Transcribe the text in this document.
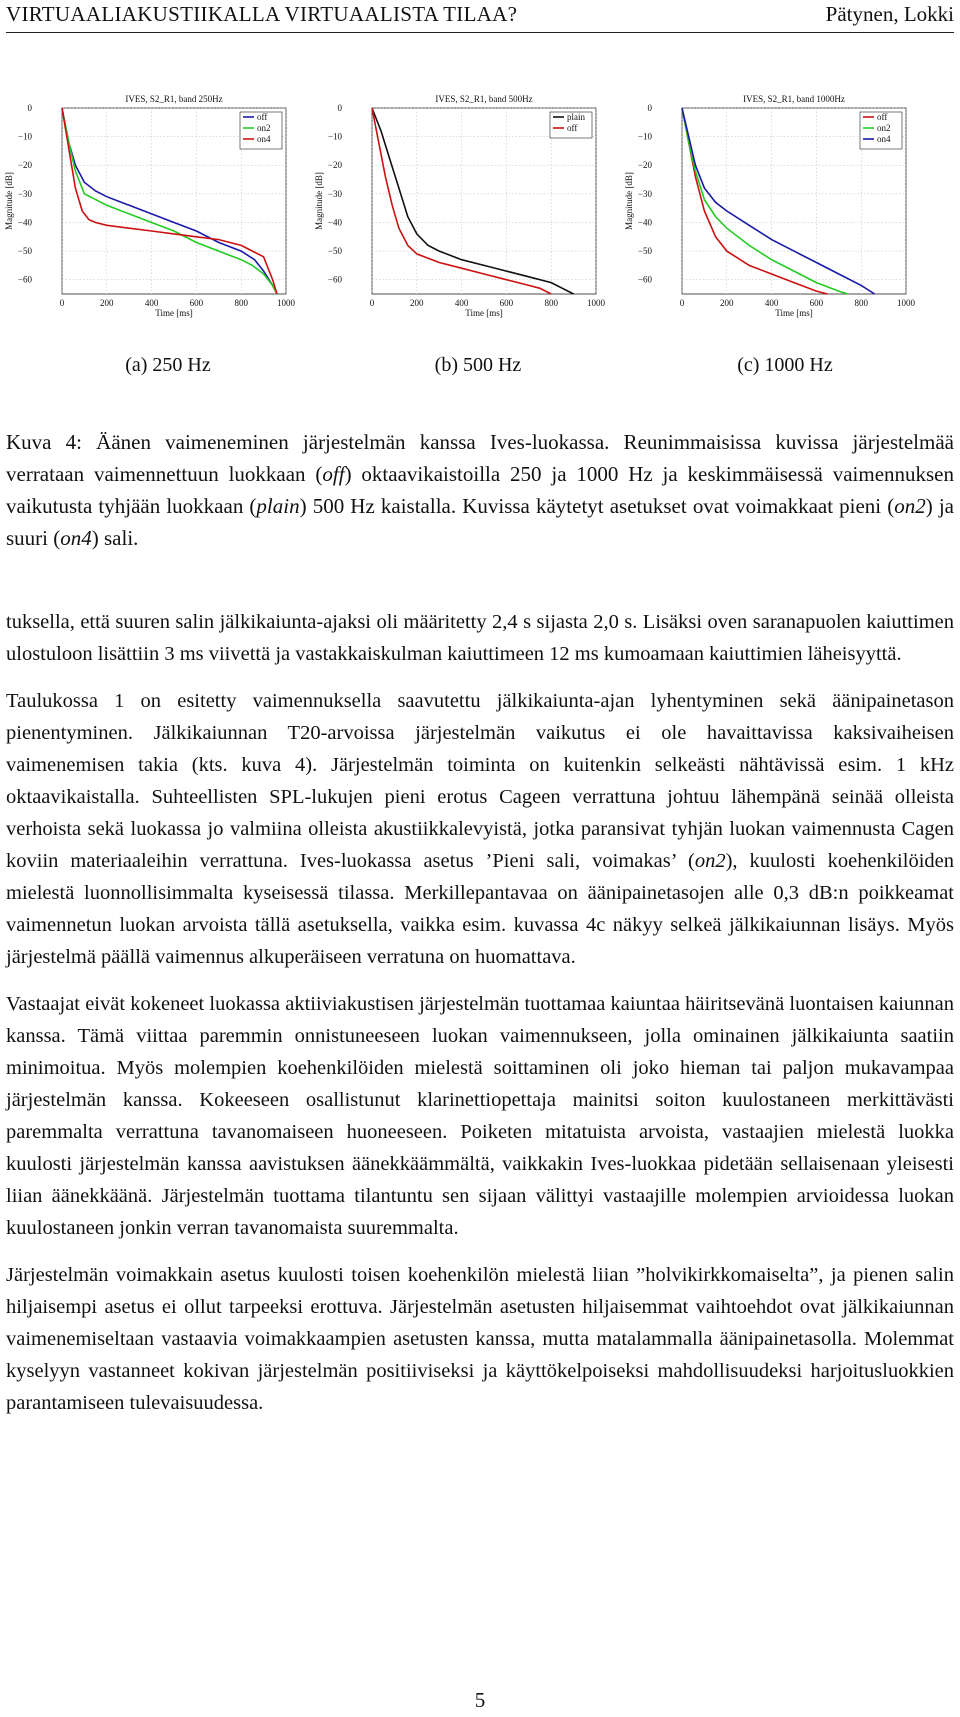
VIRTUAALIAKUSTIIKALLA VIRTUAALISTA TILAA?	Pätynen, Lokki
IVES, S2_R1, band 250Hz
0	200	400	600	800	1000
0
−10
−20
−30
−40
−50
−60
Time [ms]
Magnitude [dB]
off
on2
on4
IVES, S2_R1, band 500Hz
0	200	400	600	800	1000
0
−10
−20
−30
−40
−50
−60
Time [ms]
Magnitude [dB]
plain
off
IVES, S2_R1, band 1000Hz
0	200	400	600	800	1000
0
−10
−20
−30
−40
−50
−60
Time [ms]
Magnitude [dB]
off
on2
on4
(a) 250 Hz	(b) 500 Hz	(c) 1000 Hz
Kuva 4: Äänen vaimeneminen järjestelmän kanssa Ives-luokassa. Reunimmaisissa kuvissa järjestelmää verrataan vaimennettuun luokkaan (off) oktaavikaistoilla 250 ja 1000 Hz ja keskimmäisessä vaimennuksen vaikutusta tyhjään luokkaan (plain) 500 Hz kaistalla. Kuvissa käytetyt asetukset ovat voimakkaat pieni (on2) ja suuri (on4) sali.

tuksella, että suuren salin jälkikaiunta-ajaksi oli määritetty 2,4 s sijasta 2,0 s. Lisäksi oven saranapuolen kaiuttimen ulostuloon lisättiin 3 ms viivettä ja vastakkaiskulman kaiuttimeen 12 ms kumoamaan kaiuttimien läheisyyttä.

Taulukossa 1 on esitetty vaimennuksella saavutettu jälkikaiunta-ajan lyhentyminen sekä äänipainetason pienentyminen. Jälkikaiunnan T20-arvoissa järjestelmän vaikutus ei ole havaittavissa kaksivaiheisen vaimenemisen takia (kts. kuva 4). Järjestelmän toiminta on kuitenkin selkeästi nähtävissä esim. 1 kHz oktaavikaistalla. Suhteellisten SPL-lukujen pieni erotus Cageen verrattuna johtuu lähempänä seinää olleista verhoista sekä luokassa jo valmiina olleista akustiikkalevyistä, jotka paransivat tyhjän luokan vaimennusta Cagen koviin materiaaleihin verrattuna. Ives-luokassa asetus ’Pieni sali, voimakas’ (on2), kuulosti koehenkilöiden mielestä luonnollisimmalta kyseisessä tilassa. Merkillepantavaa on äänipainetasojen alle 0,3 dB:n poikkeamat vaimennetun luokan arvoista tällä asetuksella, vaikka esim. kuvassa 4c näkyy selkeä jälkikaiunnan lisäys. Myös järjestelmä päällä vaimennus alkuperäiseen verratuna on huomattava.

Vastaajat eivät kokeneet luokassa aktiiviakustisen järjestelmän tuottamaa kaiuntaa häiritsevänä luontaisen kaiunnan kanssa. Tämä viittaa paremmin onnistuneeseen luokan vaimennukseen, jolla ominainen jälkikaiunta saatiin minimoitua. Myös molempien koehenkilöiden mielestä soittaminen oli joko hieman tai paljon mukavampaa järjestelmän kanssa. Kokeeseen osallistunut klarinettiopettaja mainitsi soiton kuulostaneen merkittävästi paremmalta verrattuna tavanomaiseen huoneeseen. Poiketen mitatuista arvoista, vastaajien mielestä luokka kuulosti järjestelmän kanssa aavistuksen äänekkäämmältä, vaikkakin Ives-luokkaa pidetään sellaisenaan yleisesti liian äänekkäänä. Järjestelmän tuottama tilantuntu sen sijaan välittyi vastaajille molempien arvioidessa luokan kuulostaneen jonkin verran tavanomaista suuremmalta.

Järjestelmän voimakkain asetus kuulosti toisen koehenkilön mielestä liian ”holvikirkkomaiselta”, ja pienen salin hiljaisempi asetus ei ollut tarpeeksi erottuva. Järjestelmän asetusten hiljaisemmat vaihtoehdot ovat jälkikaiunnan vaimenemiseltaan vastaavia voimakkaampien asetusten kanssa, mutta matalammalla äänipainetasolla. Molemmat kyselyyn vastanneet kokivan järjestelmän positiiviseksi ja käyttökelpoiseksi mahdollisuudeksi harjoitusluokkien parantamiseen tulevaisuudessa.

5
